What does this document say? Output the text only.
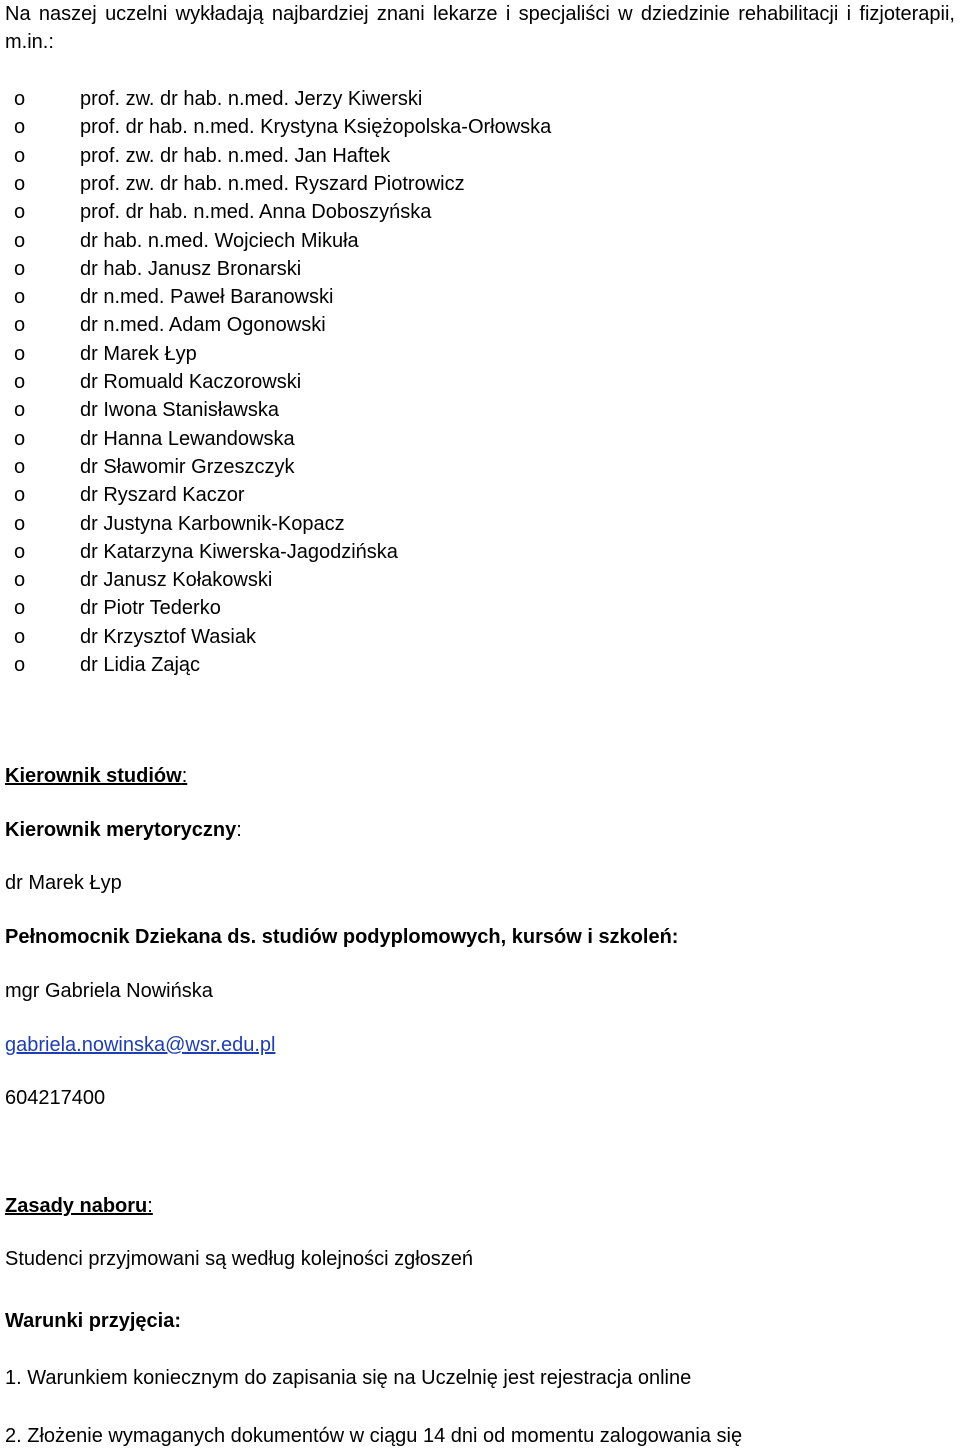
Na naszej uczelni wykładają najbardziej znani lekarze i specjaliści w dziedzinie rehabilitacji i fizjoterapii, m.in.:
o	prof. zw. dr hab. n.med. Jerzy Kiwerski
o	prof. dr hab. n.med. Krystyna Księżopolska-Orłowska
o	prof. zw. dr hab. n.med. Jan Haftek
o	prof. zw. dr hab. n.med. Ryszard Piotrowicz
o	prof. dr hab. n.med. Anna Doboszyńska
o	dr hab. n.med. Wojciech Mikuła
o	dr hab. Janusz Bronarski
o	dr n.med. Paweł Baranowski
o	dr n.med. Adam Ogonowski
o	dr Marek Łyp
o	dr Romuald Kaczorowski
o	dr Iwona Stanisławska
o	dr Hanna Lewandowska
o	dr Sławomir Grzeszczyk
o	dr Ryszard Kaczor
o	dr Justyna Karbownik-Kopacz
o	dr Katarzyna Kiwerska-Jagodzińska
o	dr Janusz Kołakowski
o	dr Piotr Tederko
o	dr Krzysztof Wasiak
o	dr Lidia Zając
Kierownik studiów:
Kierownik merytoryczny:
dr Marek Łyp
Pełnomocnik Dziekana ds. studiów podyplomowych, kursów i szkoleń:
mgr Gabriela Nowińska
gabriela.nowinska@wsr.edu.pl
604217400
Zasady naboru:
Studenci przyjmowani są według kolejności zgłoszeń
Warunki przyjęcia:
1. Warunkiem koniecznym do zapisania się na Uczelnię jest rejestracja online
2. Złożenie wymaganych dokumentów w ciągu 14 dni od momentu zalogowania się
